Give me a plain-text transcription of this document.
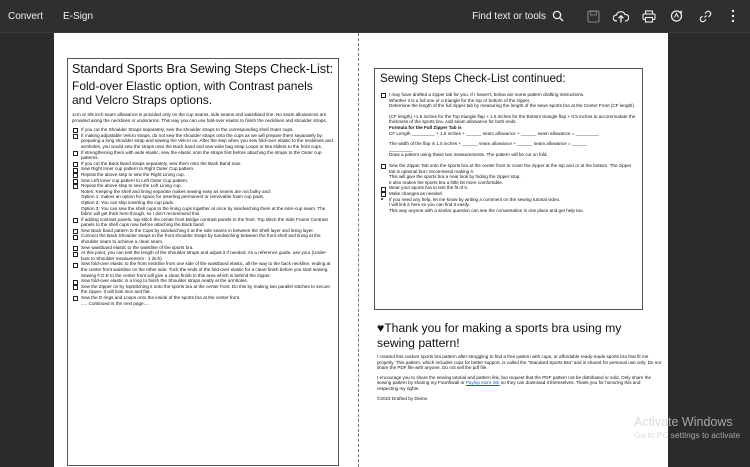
Convert E-Sign	Find text or tools
Standard Sports Bra Sewing Steps Check-List:
Fold-over Elastic option, with Contrast panels and Velcro Straps options.
1cm or 3/8 inch seam allowance is provided only on the cup seams, side seams and waistband line. No seam allowances are provided along the necklines or underarms. This way you can use fold-over elastic to finish the necklines and shoulder straps.
If you cut the Shoulder Straps separately, sew the shoulder straps to the corresponding shell Outer cups.
If making adjustable Velcro straps, do not sew the shoulder straps onto the cups as we will prepare them separately by: preparing a long shoulder strap and sewing the Velcro on. After the step when you sew fold-over elastic to the necklines and armholes, you would sew the straps onto the Back band and sew wide bag strap Loops or Bra sliders to the front cups.
If strengthening them with wide elastic, sew the elastic onto the straps first before attaching the straps to the Outer cup patterns.
If you cut the Back Band straps separately, sew them onto the Back Band now.
Sew Right Inner cup pattern to Right Outer Cup pattern.
Repeat the above step to sew the Right Lining cup.
Sew Left Inner cup pattern to Left Outer Cup pattern.
Repeat the above step to sew the Left Lining cup.
Notes: Keeping the shell and lining separate makes sewing easy as seams are not bulky and:
Option 1: makes an option for space for inserting permanent or removable foam cup pads.
Option 2: You can skip inserting the cup pads.
Option 3: You can sew the shell cups to the lining cups together at once by sandwiching them at the inter-cup seam. The fabric will get thick here though, so I don't recommend this.
If adding contrast panels, top-stitch the center front Bridge contrast panels to the front. Top stitch the Side Frame Contrast panels to the shell cups now before attaching the Back band.
Sew Back band pattern to the Cups by sandwiching it at the side seams in between the Shell layer and lining layer.
Connect the Back Shoulder straps to the front shoulder straps by sandwiching between the front shell and lining at the shoulder seam to achieve a clean seam.
Sew waistband elastic to the waistline of the sports bra.
At this point, you can test the length of the shoulder straps and adjust it if needed. As a reference guide, use your (Under-bust to Shoulder measurement - 1 inch).
Sew fold-over elastic to the front neckline from one side of the waistband elastic, all the way to the back neckline, ending at the center front waistline on the other side. Tuck the ends of the fold-over elastic for a clean finish before you start sewing. Sewing F.O.E to the center front will give a clean finish to this area which is behind the zipper.
Sew fold-over elastic in a loop to finish the Shoulder straps neatly at the armholes.
Sew the Zipper on by topstitching it onto the sports bra at the center front. Do this by making two parallel stitches to secure the zipper. It will look nice and flat.
Sew the D rings and Loops onto the inside of the sports bra at the center front.
..... Continued in the next page.....
Sewing Steps Check-List continued:
I may have drafted a zipper tab for you. If I haven't, below are some pattern drafting instructions.
Whether it is a full one or a triangle for the top or bottom of the zipper,
Determine the length of the full zipper tab by measuring the length of the sewn sports bra at the Center Front (CF length).
(CF length) +1.5 inches for the Top triangle flap + 1.5 inches for the Bottom triangle flap + 0.5 inches to accommodate the thickness of the sports bra. Add seam allowance for both ends.
Formula for the Full Zipper Tab is
CF Length _________ + 1.5 inches + ______ seam allowance + ______ seam allowance = _________
The width of the flap is 1.5 inches + ______ seam allowance + ______ seam allowance = ______
_________
Draw a pattern using these two measurements. The pattern will be cut on fold.
Sew the Zipper Tab onto the sports bra at the center front to cover the zipper at the top and or at the bottom. The zipper tab is optional but I recommend making it.
This will give the sports bra a neat look by hiding the zipper stop.
It also makes the sports bra a little bit more comfortable.
Wear your sports bra to test the fit of it.
Make changes as needed.
If you need any help, let me know by writing a comment on the sewing tutorial video.
I will link it here so you can find it easily.
This way anyone with a similar question can see the conversation in one place and get help too.
♥Thank you for making a sports bra using my sewing pattern!

I created this custom sports bra pattern after struggling to find a free pattern with cups, or affordable ready-made sports bra that fit me properly. This pattern, which includes cups for better support, is called the "Standard Sports Bra" and is shared for personal use only. Do not share the PDF file with anyone. Do not sell the pdf file.

I encourage you to share the sewing tutorial and pattern link, but request that the PDF pattern not be distributed or sold. Only share the sewing pattern by sharing my Fourthwall or Payhip store link so they can download it themselves. Thank you for honoring this and respecting my rights.

©2023 Drafted by Divine.

Activate Windows
Go to PC settings to activate
